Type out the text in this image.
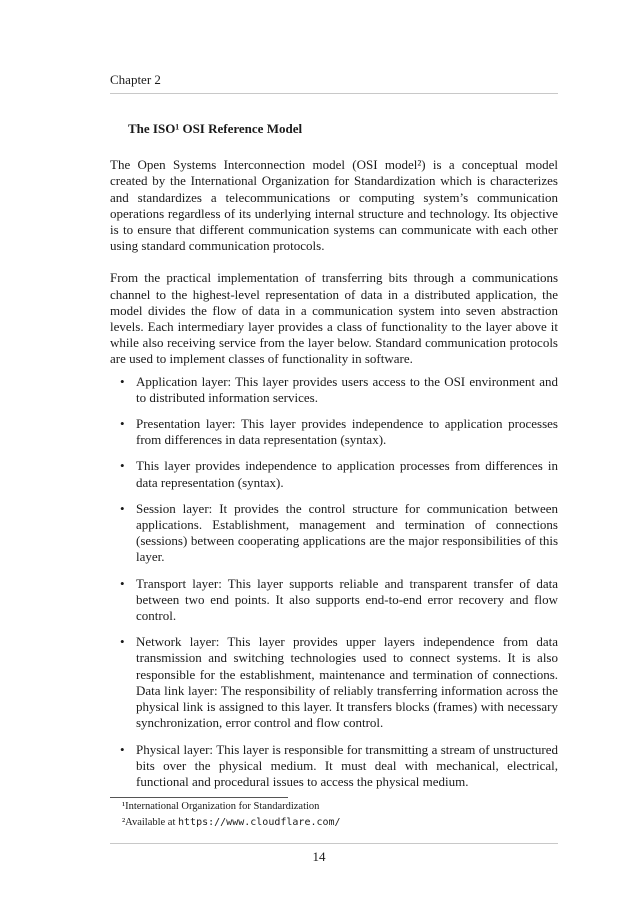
Chapter 2
The ISO¹ OSI Reference Model

The Open Systems Interconnection model (OSI model²) is a conceptual model created by the International Organization for Standardization which is characterizes and standardizes a telecommunications or computing system’s communication operations regardless of its underlying internal structure and technology. Its objective is to ensure that different communication systems can communicate with each other using standard communication protocols.

From the practical implementation of transferring bits through a communications channel to the highest-level representation of data in a distributed application, the model divides the flow of data in a communication system into seven abstraction levels. Each intermediary layer provides a class of functionality to the layer above it while also receiving service from the layer below. Standard communication protocols are used to implement classes of functionality in software.

• Application layer: This layer provides users access to the OSI environment and to distributed information services.
• Presentation layer: This layer provides independence to application processes from differences in data representation (syntax).
• This layer provides independence to application processes from differences in data representation (syntax).
• Session layer: It provides the control structure for communication between applications. Establishment, management and termination of connections (sessions) between cooperating applications are the major responsibilities of this layer.
• Transport layer: This layer supports reliable and transparent transfer of data between two end points. It also supports end-to-end error recovery and flow control.
• Network layer: This layer provides upper layers independence from data transmission and switching technologies used to connect systems. It is also responsible for the establishment, maintenance and termination of connections. Data link layer: The responsibility of reliably transferring information across the physical link is assigned to this layer. It transfers blocks (frames) with necessary synchronization, error control and flow control.
• Physical layer: This layer is responsible for transmitting a stream of unstructured bits over the physical medium. It must deal with mechanical, electrical, functional and procedural issues to access the physical medium.
¹International Organization for Standardization
²Available at https://www.cloudflare.com/
14
